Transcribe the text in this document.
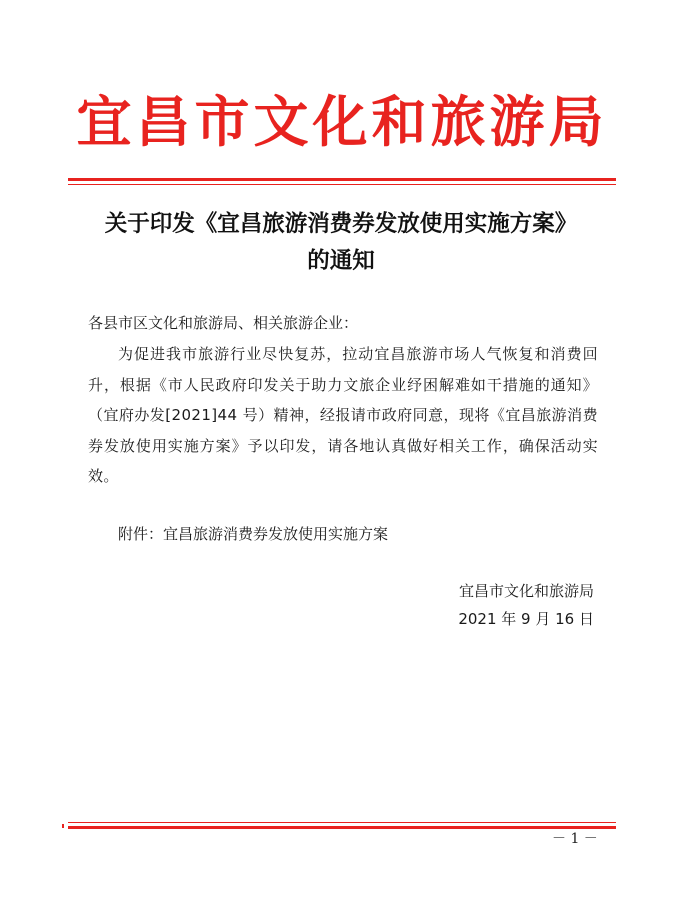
宜昌市文化和旅游局
关于印发《宜昌旅游消费券发放使用实施方案》
的通知
各县市区文化和旅游局、相关旅游企业：
为促进我市旅游行业尽快复苏，拉动宜昌旅游市场人气恢复和消费回升，根据《市人民政府印发关于助力文旅企业纾困解难如干措施的通知》（宜府办发[2021]44 号）精神，经报请市政府同意，现将《宜昌旅游消费券发放使用实施方案》予以印发，请各地认真做好相关工作，确保活动实效。
附件：宜昌旅游消费券发放使用实施方案
宜昌市文化和旅游局
2021 年 9 月 16 日
－ 1 －
